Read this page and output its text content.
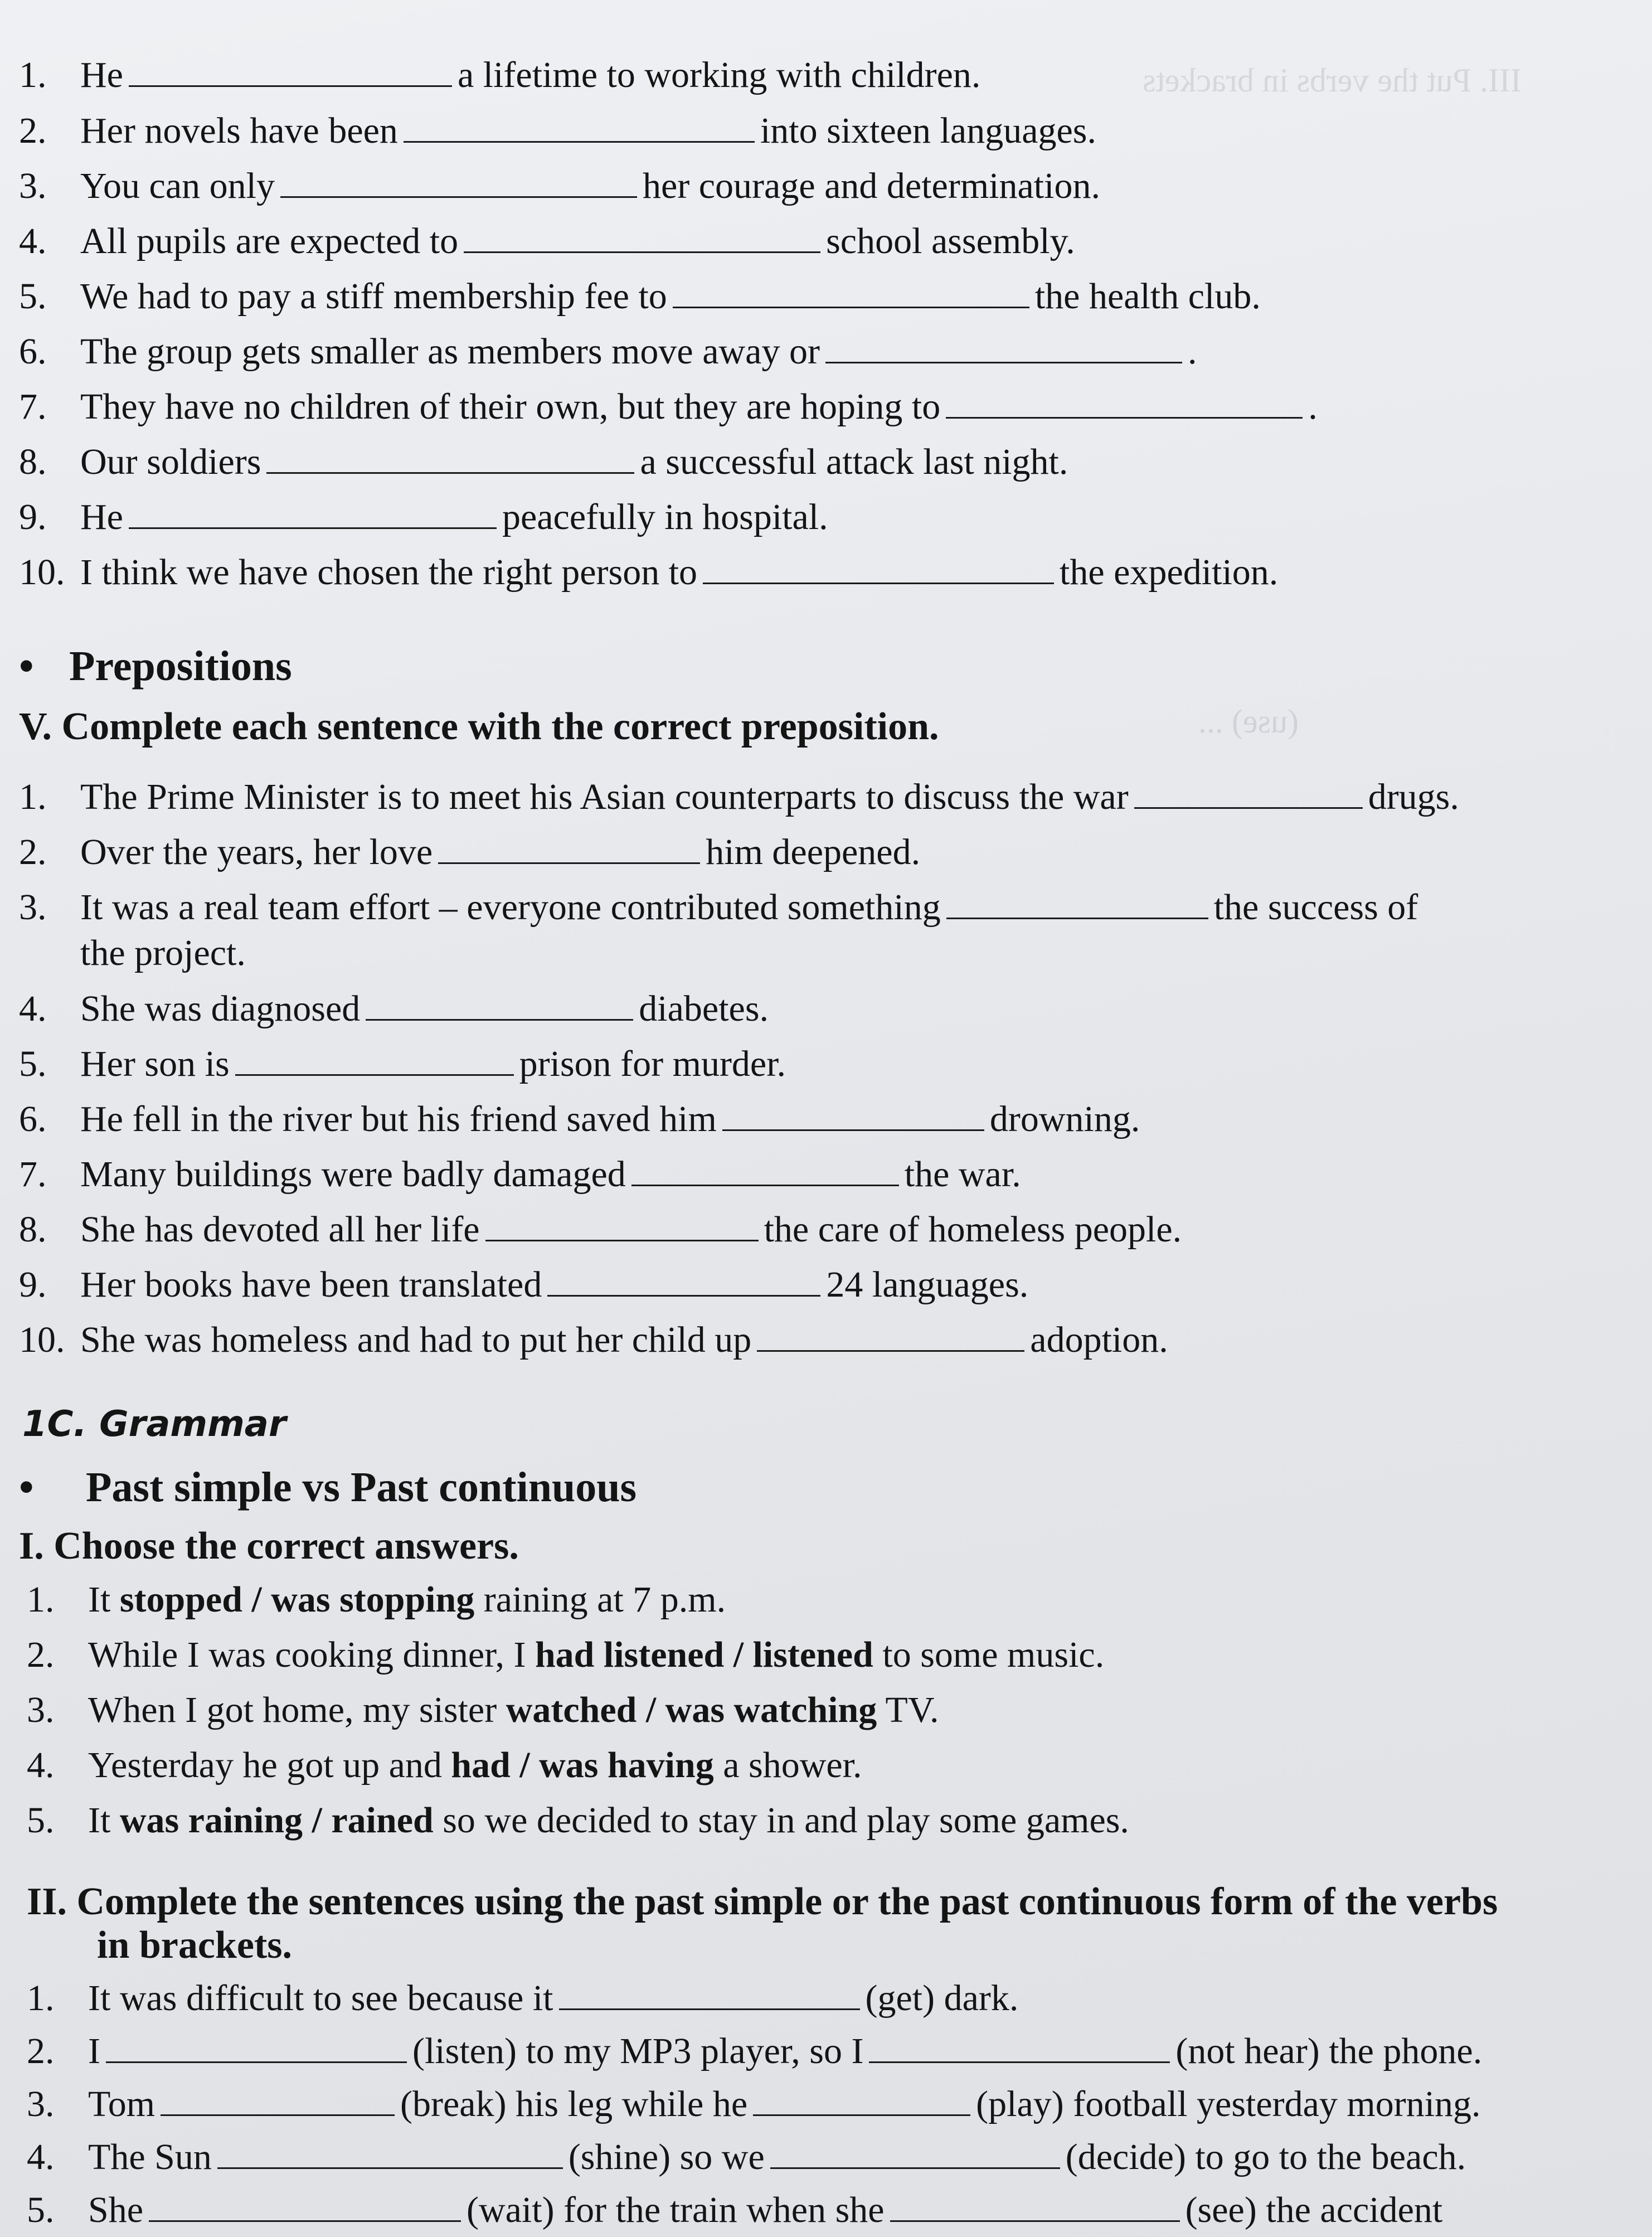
III. Put the verbs in brackets
(use) ...
1. He	a lifetime to working with children.
2. Her novels have been	into sixteen languages.
3. You can only	her courage and determination.
4. All pupils are expected to	school assembly.
5. We had to pay a stiff membership fee to	the health club.
6. The group gets smaller as members move away or	.
7. They have no children of their own, but they are hoping to	.
8. Our soldiers	a successful attack last night.
9. He	peacefully in hospital.
10. I think we have chosen the right person to	the expedition.
• Prepositions
V. Complete each sentence with the correct preposition.
1. The Prime Minister is to meet his Asian counterparts to discuss the war	drugs.
2. Over the years, her love	him deepened.
3. It was a real team effort – everyone contributed something	the success of
the project.
4. She was diagnosed	diabetes.
5. Her son is	prison for murder.
6. He fell in the river but his friend saved him	drowning.
7. Many buildings were badly damaged	the war.
8. She has devoted all her life	the care of homeless people.
9. Her books have been translated	24 languages.
10. She was homeless and had to put her child up	adoption.
1C. Grammar
• Past simple vs Past continuous
I. Choose the correct answers.
1. It stopped / was stopping raining at 7 p.m.
2. While I was cooking dinner, I had listened / listened to some music.
3. When I got home, my sister watched / was watching TV.
4. Yesterday he got up and had / was having a shower.
5. It was raining / rained so we decided to stay in and play some games.
II. Complete the sentences using the past simple or the past continuous form of the verbs
in brackets.
1. It was difficult to see because it	(get) dark.
2. I	(listen) to my MP3 player, so I	(not hear) the phone.
3. Tom	(break) his leg while he	(play) football yesterday morning.
4. The Sun	(shine) so we	(decide) to go to the beach.
5. She	(wait) for the train when she	(see) the accident
